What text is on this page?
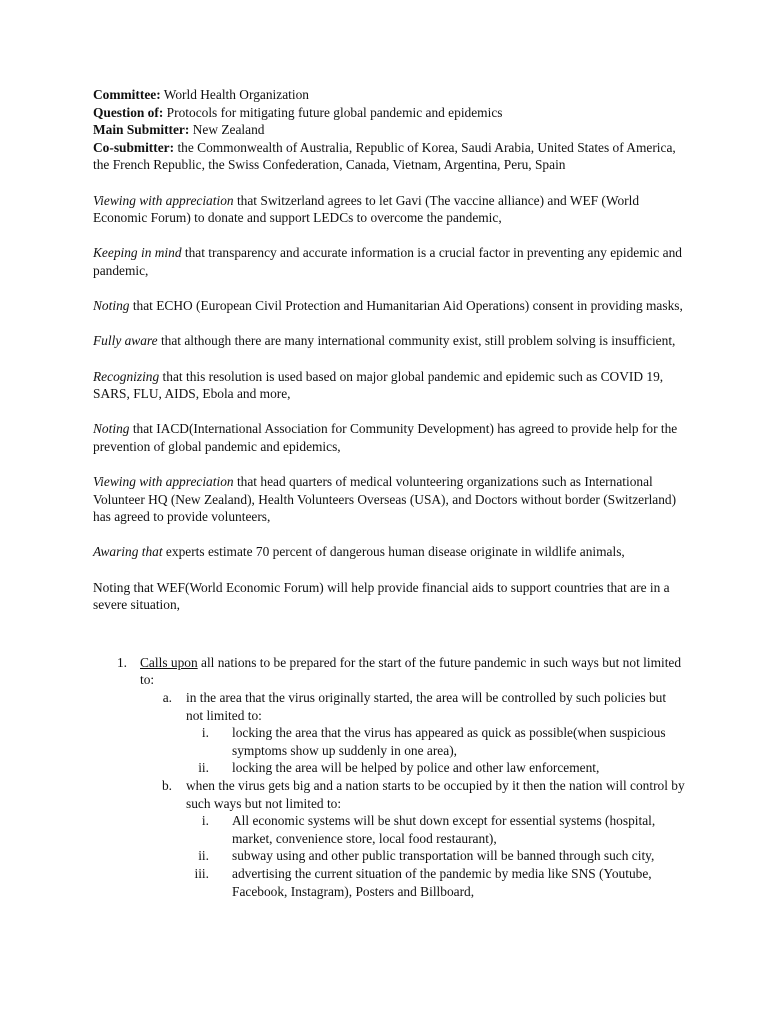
Committee: World Health Organization

Question of: Protocols for mitigating future global pandemic and epidemics

Main Submitter: New Zealand

Co-submitter: the Commonwealth of Australia, Republic of Korea, Saudi Arabia, United States of America, the French Republic, the Swiss Confederation, Canada, Vietnam, Argentina, Peru, Spain

Viewing with appreciation that Switzerland agrees to let Gavi (The vaccine alliance) and WEF (World Economic Forum) to donate and support LEDCs to overcome the pandemic,

Keeping in mind that transparency and accurate information is a crucial factor in preventing any epidemic and pandemic,

Noting that ECHO (European Civil Protection and Humanitarian Aid Operations) consent in providing masks,

Fully aware that although there are many international community exist, still problem solving is insufficient,

Recognizing that this resolution is used based on major global pandemic and epidemic such as COVID 19, SARS, FLU, AIDS, Ebola and more,

Noting that IACD(International Association for Community Development) has agreed to provide help for the prevention of global pandemic and epidemics,

Viewing with appreciation that head quarters of medical volunteering organizations such as International Volunteer HQ (New Zealand), Health Volunteers Overseas (USA), and Doctors without border (Switzerland) has agreed to provide volunteers,

Awaring that experts estimate 70 percent of dangerous human disease originate in wildlife animals,

Noting that WEF(World Economic Forum) will help provide financial aids to support countries that are in a severe situation,

1. Calls upon all nations to be prepared for the start of the future pandemic in such ways but not limited to:
a. in the area that the virus originally started, the area will be controlled by such policies but not limited to:
i. locking the area that the virus has appeared as quick as possible(when suspicious symptoms show up suddenly in one area),
ii. locking the area will be helped by police and other law enforcement,
b. when the virus gets big and a nation starts to be occupied by it then the nation will control by such ways but not limited to:
i. All economic systems will be shut down except for essential systems (hospital, market, convenience store, local food restaurant),
ii. subway using and other public transportation will be banned through such city,
iii. advertising the current situation of the pandemic by media like SNS (Youtube, Facebook, Instagram), Posters and Billboard,
